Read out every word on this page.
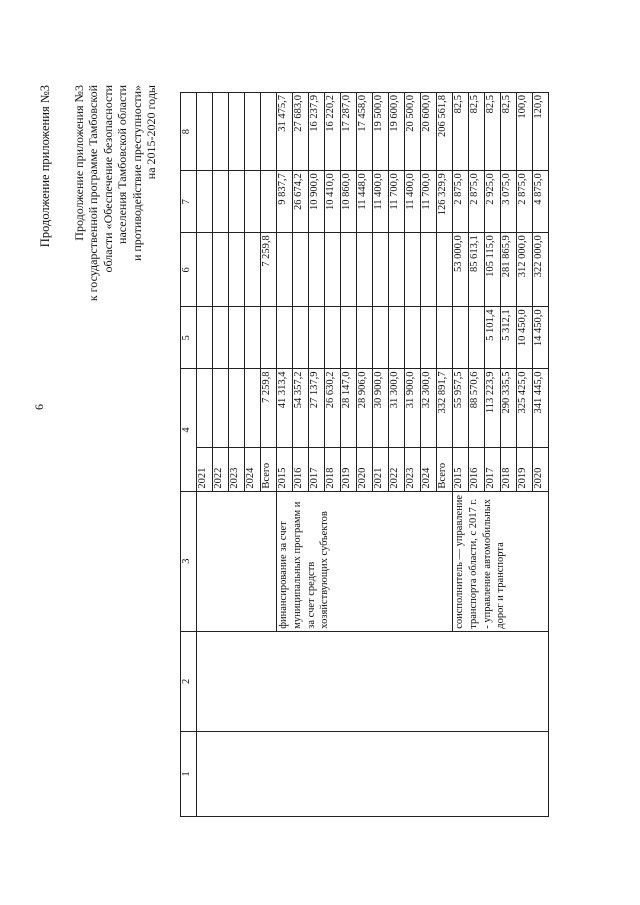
6
Продолжение приложения №3 Продолжение приложения №3 к государственной программе Тамбовской области «Обеспечение безопасности населения Тамбовской области и противодействие преступности» на 2015-2020 годы
1	2	3	4		5	6	7	8
			2021					
			2022					
			2023					
			2024					
			Всего	7 259,8		7 259,8		
		финансирование за счет муниципальных программ и за счет средств хозяйствующих субъектов	2015	41 313,4			9 837,7	31 475,7
			2016	54 357,2			26 674,2	27 683,0
			2017	27 137,9			10 900,0	16 237,9
			2018	26 630,2			10 410,0	16 220,2
			2019	28 147,0			10 860,0	17 287,0
			2020	28 906,0			11 448,0	17 458,0
			2021	30 900,0			11 400,0	19 500,0
			2022	31 300,0			11 700,0	19 600,0
			2023	31 900,0			11 400,0	20 500,0
			2024	32 300,0			11 700,0	20 600,0
			Всего	332 891,7			126 329,9	206 561,8
		соисполнитель — управление транспорта области, с 2017 г. - управление автомобильных дорог и транспорта	2015	55 957,5		53 000,0	2 875,0	82,5
			2016	88 570,6		85 613,1	2 875,0	82,5
			2017	113 223,9	5 101,4	105 115,0	2 925,0	82,5
			2018	290 335,5	5 312,1	281 865,9	3 075,0	82,5
			2019	325 425,0	10 450,0	312 000,0	2 875,0	100,0
			2020	341 445,0	14 450,0	322 000,0	4 875,0	120,0
